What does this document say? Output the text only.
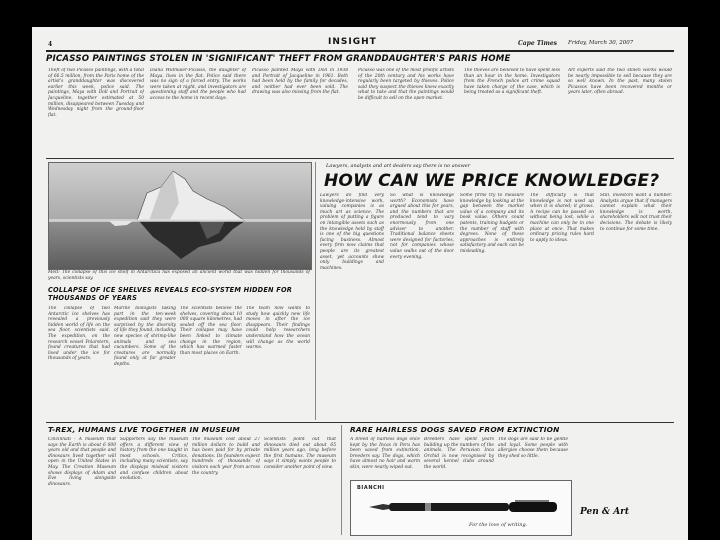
4	INSIGHT	Cape Times Friday, March 30, 2007
PICASSO PAINTINGS STOLEN IN 'SIGNIFICANT' THEFT FROM GRANDDAUGHTER'S PARIS HOME
Theft of two Picasso paintings, with a total of 66.5 million, from the Paris home of the artist's granddaughter was discovered earlier this week, police said. The paintings, Maya with Doll and Portrait of Jacqueline, together estimated at 50 million, disappeared between Tuesday and Wednesday night from the ground-floor flat.
Diana Widmaier-Picasso, the daughter of Maya, lives in the flat. Police said there was no sign of a forced entry. The works were taken at night, and investigators are questioning staff and the people who had access to the home in recent days.
Picasso painted Maya with Doll in 1938 and Portrait of Jacqueline in 1961. Both had been held by the family for decades, and neither had ever been sold. The drawing was also missing from the flat.
Picasso was one of the most prolific artists of the 20th century and his works have regularly been targeted by thieves. Police said they suspect the thieves knew exactly what to take and that the paintings would be difficult to sell on the open market.
The thieves are believed to have spent less than an hour in the home. Investigators from the French police art crime squad have taken charge of the case, which is being treated as a significant theft.
Art experts said the two stolen works would be nearly impossible to sell because they are so well known. In the past, many stolen Picassos have been recovered months or years later, often abroad.
Melt: The collapse of this ice shelf in Antarctica has exposed an ancient world that was hidden for thousands of years, scientists say.
COLLAPSE OF ICE SHELVES REVEALS ECO-SYSTEM HIDDEN FOR THOUSANDS OF YEARS
The collapse of two Antarctic ice shelves has revealed a previously hidden world of life on the sea floor, scientists said. The expedition, on the research vessel Polarstern, found creatures that had lived under the ice for thousands of years.
Marine biologists taking part in the ten-week expedition said they were surprised by the diversity of life they found, including new species of shrimp-like animals and sea cucumbers. Some of the creatures are normally found only at far greater depths.
The scientists believe the shelves, covering about 10 000 square kilometres, had sealed off the sea floor. Their collapse may have been linked to climate change in the region, which has warmed faster than most places on Earth.
The team now wants to study how quickly new life moves in after the ice disappears. Their findings could help researchers understand how the ocean will change as the world warms.
Lawyers, analysts and art dealers say there is no answer
HOW CAN WE PRICE KNOWLEDGE?
Lawyers do find very knowledge-intensive work, valuing companies is as much art as science. The problem of putting a figure on intangible assets such as the knowledge held by staff is one of the big questions facing business. Almost every firm now claims that people are its greatest asset, yet accounts show only buildings and machines.
So what is knowledge worth? Economists have argued about this for years, and the numbers that are produced tend to vary enormously from one adviser to another. Traditional balance sheets were designed for factories, not for companies whose value walks out of the door every evening.
Some firms try to measure knowledge by looking at the gap between the market value of a company and its book value. Others count patents, training budgets or the number of staff with degrees. None of these approaches is entirely satisfactory and each can be misleading.
The difficulty is that knowledge is not used up when it is shared; it grows. A recipe can be passed on without being lost, while a machine can only be in one place at once. That makes ordinary pricing rules hard to apply to ideas.
Still, investors want a number. Analysts argue that if managers cannot explain what their knowledge is worth, shareholders will not trust their decisions. The debate is likely to continue for some time.
T-REX, HUMANS LIVE TOGETHER IN MUSEUM
Cincinnati - A museum that says the Earth is about 6 000 years old and that people and dinosaurs lived together will open in the United States in May. The Creation Museum shows displays of Adam and Eve living alongside dinosaurs.
Supporters say the museum offers a different view of history from the one taught in most schools. Critics, including many scientists, say the displays mislead visitors and confuse children about evolution.
The museum cost about 27 million dollars to build and has been paid for by private donations. Its founders expect hundreds of thousands of visitors each year from across the country.
Scientists point out that dinosaurs died out about 65 million years ago, long before the first humans. The museum says it simply wants people to consider another point of view.
RARE HAIRLESS DOGS SAVED FROM EXTINCTION
A breed of hairless dogs once kept by the Incas in Peru has been saved from extinction, breeders say. The dogs, which have almost no hair and warm skin, were nearly wiped out.
Breeders have spent years building up the numbers of the animals. The Peruvian Inca Orchid is now recognised by several kennel clubs around the world.
The dogs are said to be gentle and loyal. Some people with allergies choose them because they shed so little.
BIANCHI
For the love of writing.
Pen & Art
